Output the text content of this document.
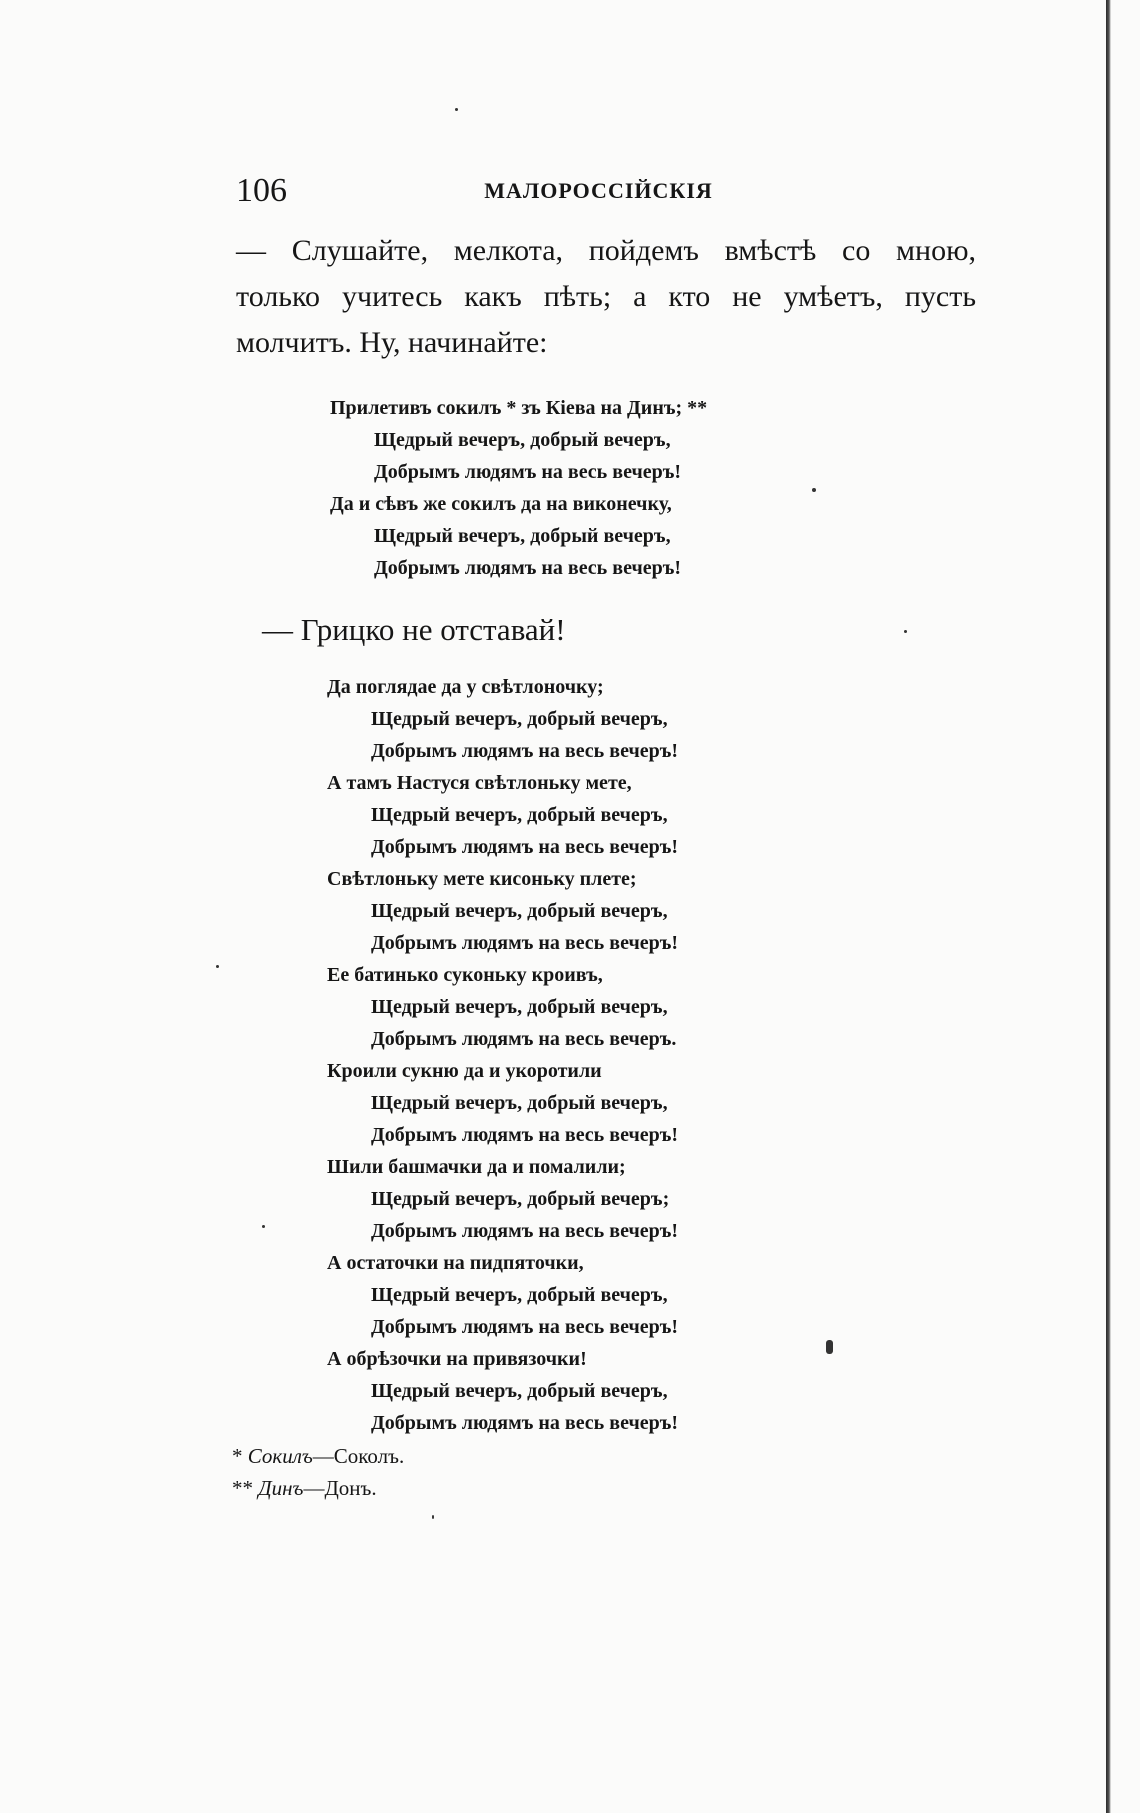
106	МАЛОРОССІЙСКІЯ
— Слушайте, мелкота, пойдемъ вмѣстѣ со мною,
только учитесь какъ пѣть; а кто не умѣетъ, пусть
молчитъ. Ну, начинайте:
Прилетивъ сокилъ * зъ Кіева на Динъ; **
Щедрый вечеръ, добрый вечеръ,
Добрымъ людямъ на весь вечеръ!
Да и сѣвъ же сокилъ да на виконечку,
Щедрый вечеръ, добрый вечеръ,
Добрымъ людямъ на весь вечеръ!
— Грицко не отставай!
Да поглядае да у свѣтлоночку;
Щедрый вечеръ, добрый вечеръ,
Добрымъ людямъ на весь вечеръ!
А тамъ Настуся свѣтлоньку мете,
Щедрый вечеръ, добрый вечеръ,
Добрымъ людямъ на весь вечеръ!
Свѣтлоньку мете кисоньку плете;
Щедрый вечеръ, добрый вечеръ,
Добрымъ людямъ на весь вечеръ!
Ее батинько суконьку кроивъ,
Щедрый вечеръ, добрый вечеръ,
Добрымъ людямъ на весь вечеръ.
Кроили сукню да и укоротили
Щедрый вечеръ, добрый вечеръ,
Добрымъ людямъ на весь вечеръ!
Шили башмачки да и помалили;
Щедрый вечеръ, добрый вечеръ;
Добрымъ людямъ на весь вечеръ!
А остаточки на пидпяточки,
Щедрый вечеръ, добрый вечеръ,
Добрымъ людямъ на весь вечеръ!
А обрѣзочки на привязочки!
Щедрый вечеръ, добрый вечеръ,
Добрымъ людямъ на весь вечеръ!
* Сокилъ—Соколъ.
** Динъ—Донъ.
